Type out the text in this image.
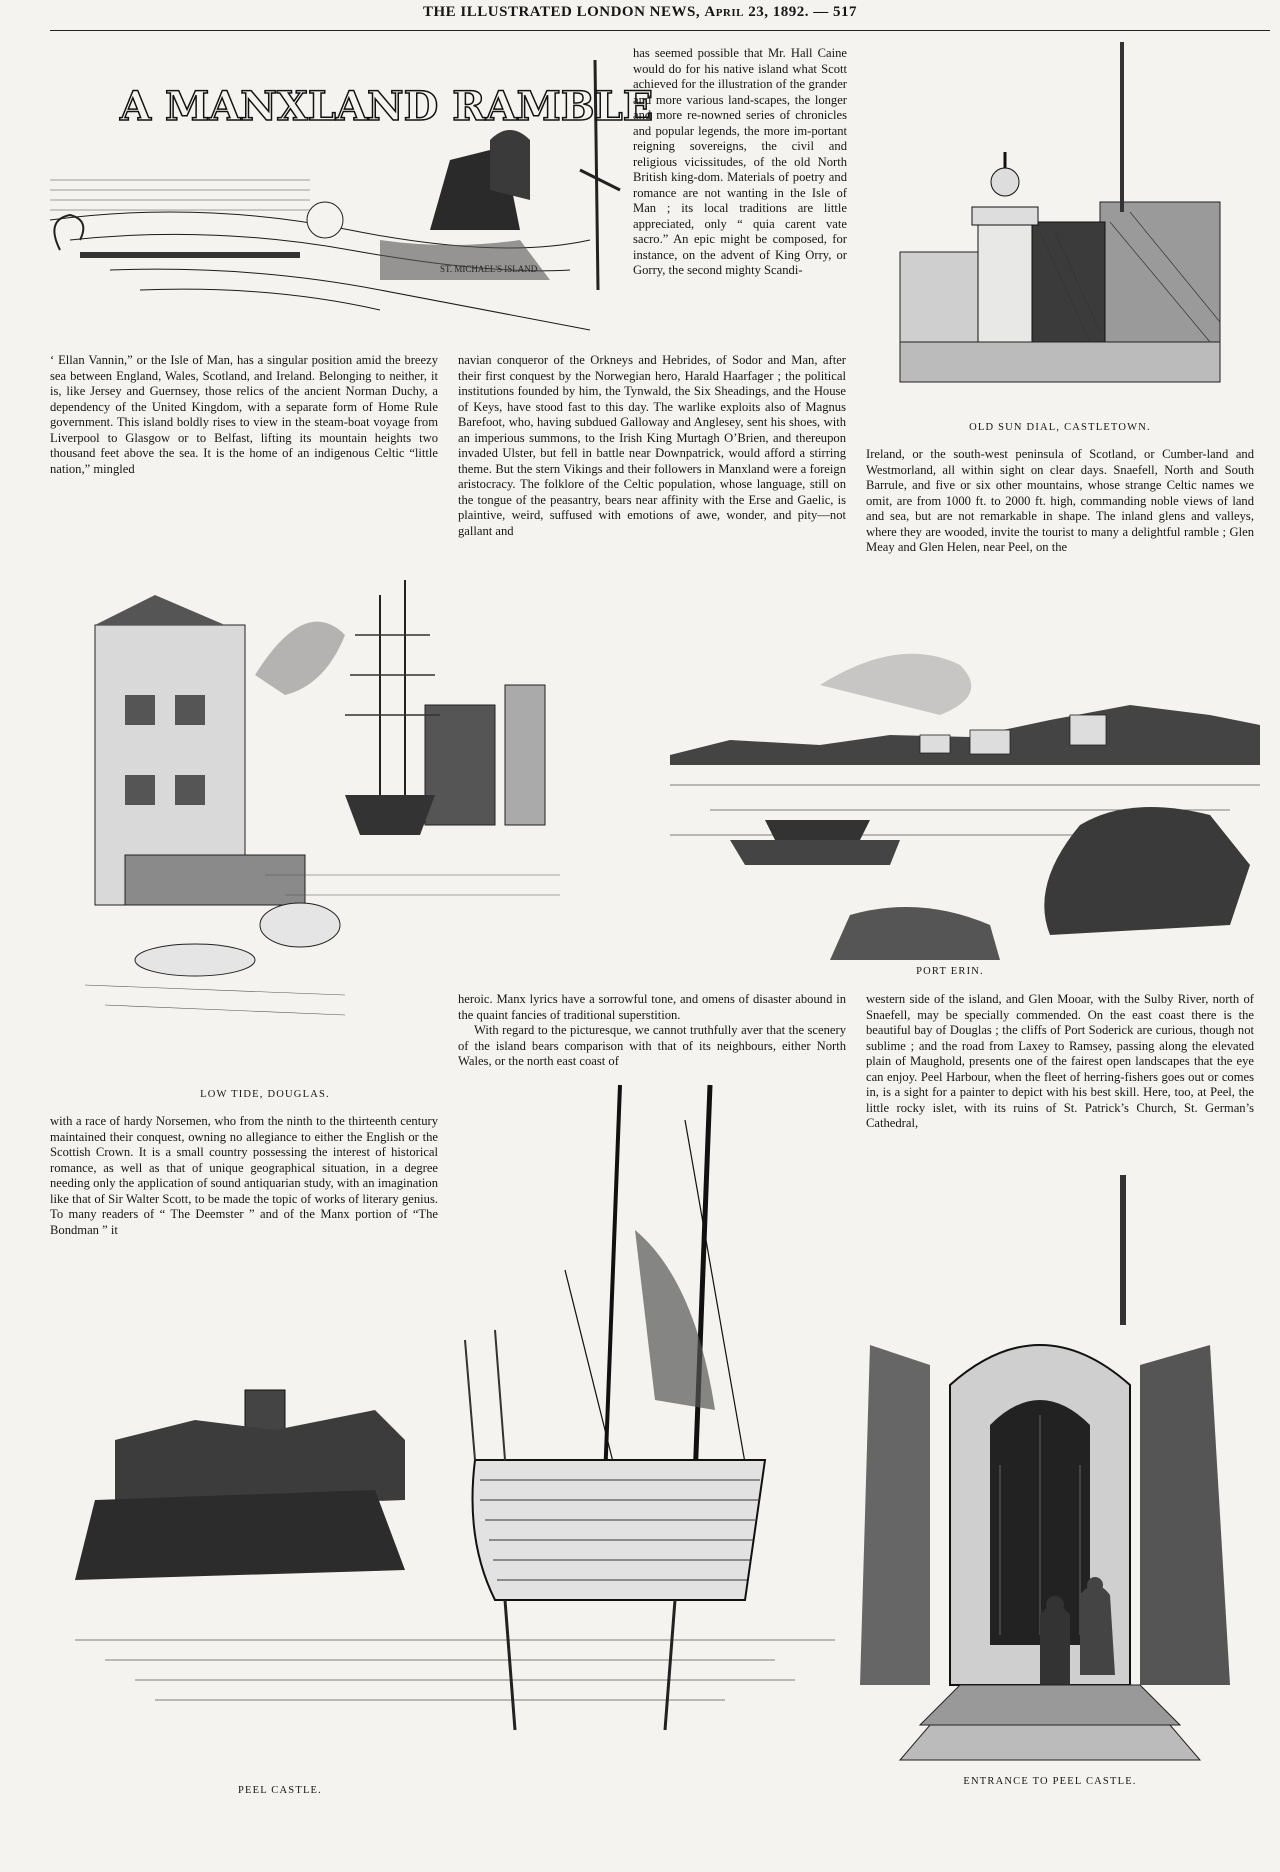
THE ILLUSTRATED LONDON NEWS, April 23, 1892. — 517
A MANXLAND RAMBLE
ST. MICHAEL'S ISLAND

has seemed possible that Mr. Hall Caine would do for his native island what Scott achieved for the illustration of the grander and more various land-scapes, the longer and more re-nowned series of chronicles and popular legends, the more im-portant reigning sovereigns, the civil and religious vicissitudes, of the old North British king-dom. Materials of poetry and romance are not wanting in the Isle of Man ; its local traditions are little appreciated, only “ quia carent vate sacro.” An epic might be composed, for instance, on the advent of King Orry, or Gorry, the second mighty Scandi-

OLD SUN DIAL, CASTLETOWN.

‘ Ellan Vannin,” or the Isle of Man, has a singular position amid the breezy sea between England, Wales, Scotland, and Ireland. Belonging to neither, it is, like Jersey and Guernsey, those relics of the ancient Norman Duchy, a dependency of the United Kingdom, with a separate form of Home Rule government. This island boldly rises to view in the steam-boat voyage from Liverpool to Glasgow or to Belfast, lifting its mountain heights two thousand feet above the sea. It is the home of an indigenous Celtic “little nation,” mingled

navian conqueror of the Orkneys and Hebrides, of Sodor and Man, after their first conquest by the Norwegian hero, Harald Haarfager ; the political institutions founded by him, the Tynwald, the Six Sheadings, and the House of Keys, have stood fast to this day. The warlike exploits also of Magnus Barefoot, who, having subdued Galloway and Anglesey, sent his shoes, with an imperious summons, to the Irish King Murtagh O’Brien, and thereupon invaded Ulster, but fell in battle near Downpatrick, would afford a stirring theme. But the stern Vikings and their followers in Manxland were a foreign aristocracy. The folklore of the Celtic population, whose language, still on the tongue of the peasantry, bears near affinity with the Erse and Gaelic, is plaintive, weird, suffused with emotions of awe, wonder, and pity—not gallant and

Ireland, or the south-west peninsula of Scotland, or Cumber-land and Westmorland, all within sight on clear days. Snaefell, North and South Barrule, and five or six other mountains, whose strange Celtic names we omit, are from 1000 ft. to 2000 ft. high, commanding noble views of land and sea, but are not remarkable in shape. The inland glens and valleys, where they are wooded, invite the tourist to many a delightful ramble ; Glen Meay and Glen Helen, near Peel, on the

LOW TIDE, DOUGLAS.
PORT ERIN.

heroic. Manx lyrics have a sorrowful tone, and omens of disaster abound in the quaint fancies of traditional superstition.

With regard to the picturesque, we cannot truthfully aver that the scenery of the island bears comparison with that of its neighbours, either North Wales, or the north east coast of

western side of the island, and Glen Mooar, with the Sulby River, north of Snaefell, may be specially commended. On the east coast there is the beautiful bay of Douglas ; the cliffs of Port Soderick are curious, though not sublime ; and the road from Laxey to Ramsey, passing along the elevated plain of Maughold, presents one of the fairest open landscapes that the eye can enjoy. Peel Harbour, when the fleet of herring-fishers goes out or comes in, is a sight for a painter to depict with his best skill. Here, too, at Peel, the little rocky islet, with its ruins of St. Patrick’s Church, St. German’s Cathedral,

with a race of hardy Norsemen, who from the ninth to the thirteenth century maintained their conquest, owning no allegiance to either the English or the Scottish Crown. It is a small country possessing the interest of historical romance, as well as that of unique geographical situation, in a degree needing only the application of sound antiquarian study, with an imagination like that of Sir Walter Scott, to be made the topic of works of literary genius. To many readers of “ The Deemster ” and of the Manx portion of “The Bondman ” it

PEEL CASTLE.
ENTRANCE TO PEEL CASTLE.
